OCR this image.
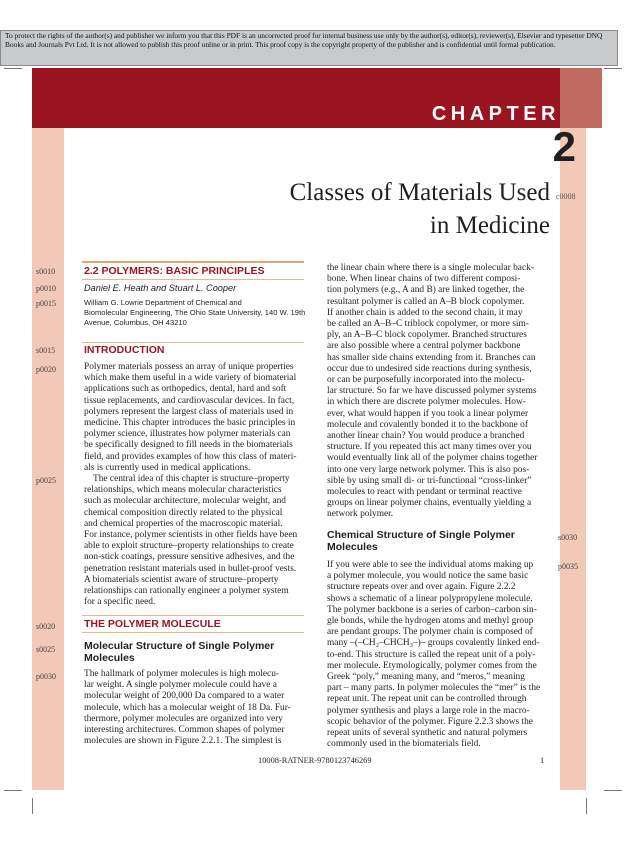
To protect the rights of the author(s) and publisher we inform you that this PDF is an uncorrected proof for internal business use only by the author(s), editor(s), reviewer(s), Elsevier and typesetter DNQ Books and Journals Pvt Ltd. It is not allowed to publish this proof online or in print. This proof copy is the copyright property of the publisher and is confidential until formal publication.
CHAPTER
2
Classes of Materials Used
in Medicine
c0008
s0010	2.2 POLYMERS: BASIC PRINCIPLES
p0010	Daniel E. Heath and Stuart L. Cooper
p0015	William G. Lowrie Department of Chemical and
Biomolecular Engineering, The Ohio State University, 140 W. 19th
Avenue, Columbus, OH 43210
s0015	INTRODUCTION
p0020	Polymer materials possess an array of unique properties
which make them useful in a wide variety of biomaterial
applications such as orthopedics, dental, hard and soft
tissue replacements, and cardiovascular devices. In fact,
polymers represent the largest class of materials used in
medicine. This chapter introduces the basic principles in
polymer science, illustrates how polymer materials can
be specifically designed to fill needs in the biomaterials
field, and provides examples of how this class of materi-
als is currently used in medical applications.
p0025	The central idea of this chapter is structure–property
relationships, which means molecular characteristics
such as molecular architecture, molecular weight, and
chemical composition directly related to the physical
and chemical properties of the macroscopic material.
For instance, polymer scientists in other fields have been
able to exploit structure–property relationships to create
non-stick coatings, pressure sensitive adhesives, and the
penetration resistant materials used in bullet-proof vests.
A biomaterials scientist aware of structure–property
relationships can rationally engineer a polymer system
for a specific need.
s0020	THE POLYMER MOLECULE
s0025	Molecular Structure of Single Polymer
Molecules
p0030	The hallmark of polymer molecules is high molecu-
lar weight. A single polymer molecule could have a
molecular weight of 200,000 Da compared to a water
molecule, which has a molecular weight of 18 Da. Fur-
thermore, polymer molecules are organized into very
interesting architectures. Common shapes of polymer
molecules are shown in Figure 2.2.1. The simplest is
the linear chain where there is a single molecular back-
bone. When linear chains of two different composi-
tion polymers (e.g., A and B) are linked together, the
resultant polymer is called an A–B block copolymer.
If another chain is added to the second chain, it may
be called an A–B–C triblock copolymer, or more sim-
ply, an A–B–C block copolymer. Branched structures
are also possible where a central polymer backbone
has smaller side chains extending from it. Branches can
occur due to undesired side reactions during synthesis,
or can be purposefully incorporated into the molecu-
lar structure. So far we have discussed polymer systems
in which there are discrete polymer molecules. How-
ever, what would happen if you took a linear polymer
molecule and covalently bonded it to the backbone of
another linear chain? You would produce a branched
structure. If you repeated this act many times over you
would eventually link all of the polymer chains together
into one very large network polymer. This is also pos-
sible by using small di- or tri-functional “cross-linker”
molecules to react with pendant or terminal reactive
groups on linear polymer chains, eventually yielding a
network polymer.
s0030
Chemical Structure of Single Polymer
Molecules
p0035
If you were able to see the individual atoms making up
a polymer molecule, you would notice the same basic
structure repeats over and over again. Figure 2.2.2
shows a schematic of a linear polypropylene molecule.
The polymer backbone is a series of carbon–carbon sin-
gle bonds, while the hydrogen atoms and methyl group
are pendant groups. The polymer chain is composed of
many –(–CH₂–CHCH₃–)– groups covalently linked end-
to-end. This structure is called the repeat unit of a poly-
mer molecule. Etymologically, polymer comes from the
Greek “poly,” meaning many, and “meros,” meaning
part – many parts. In polymer molecules the “mer” is the
repeat unit. The repeat unit can be controlled through
polymer synthesis and plays a large role in the macro-
scopic behavior of the polymer. Figure 2.2.3 shows the
repeat units of several synthetic and natural polymers
commonly used in the biomaterials field.
10008-RATNER-9780123746269	1
